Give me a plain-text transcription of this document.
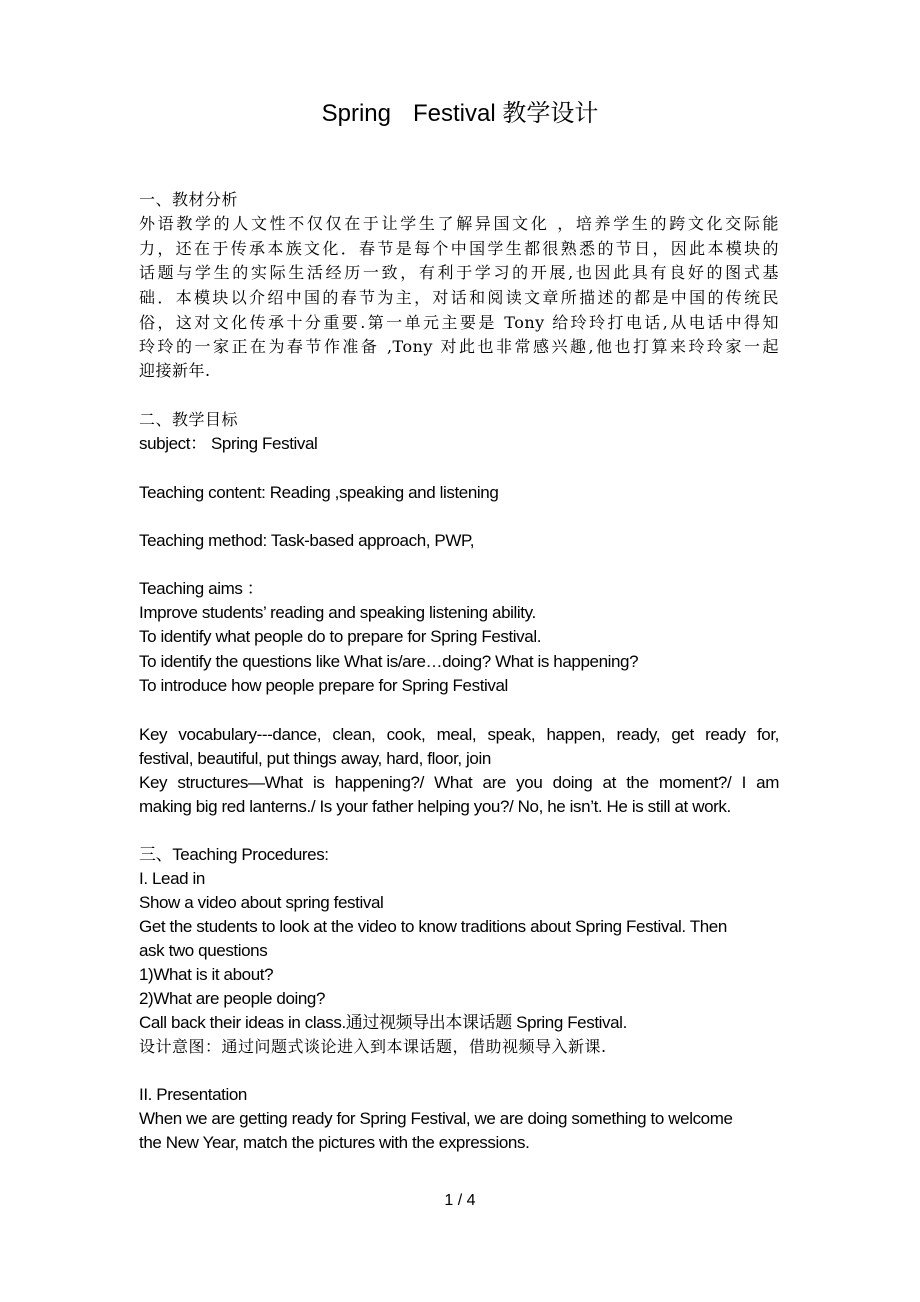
Spring Festival 教学设计
一、教材分析
外语教学的人文性不仅仅在于让学生了解异国文化 ，培养学生的跨文化交际能
力，还在于传承本族文化．春节是每个中国学生都很熟悉的节日，因此本模块的
话题与学生的实际生活经历一致，有利于学习的开展,也因此具有良好的图式基
础．本模块以介绍中国的春节为主，对话和阅读文章所描述的都是中国的传统民
俗，这对文化传承十分重要.第一单元主要是 Tony 给玲玲打电话,从电话中得知
玲玲的一家正在为春节作准备 ,Tony 对此也非常感兴趣,他也打算来玲玲家一起
迎接新年.
二、教学目标
subject： Spring Festival
Teaching content: Reading ,speaking and listening
Teaching method: Task-based approach, PWP,
Teaching aims ：
Improve students’ reading and speaking listening ability.
To identify what people do to prepare for Spring Festival.
To identify the questions like What is/are…doing? What is happening?
To introduce how people prepare for Spring Festival
Key vocabulary---dance, clean, cook, meal, speak, happen, ready, get ready for,
festival, beautiful, put things away, hard, floor, join
Key structures—What is happening?/ What are you doing at the moment?/ I am
making big red lanterns./ Is your father helping you?/ No, he isn’t. He is still at work.
三、Teaching Procedures:
I. Lead in
Show a video about spring festival
Get the students to look at the video to know traditions about Spring Festival. Then
ask two questions
1)What is it about?
2)What are people doing?
Call back their ideas in class.通过视频导出本课话题 Spring Festival.
设计意图：通过问题式谈论进入到本课话题，借助视频导入新课.
II. Presentation
When we are getting ready for Spring Festival, we are doing something to welcome
the New Year, match the pictures with the expressions.
1 / 4
